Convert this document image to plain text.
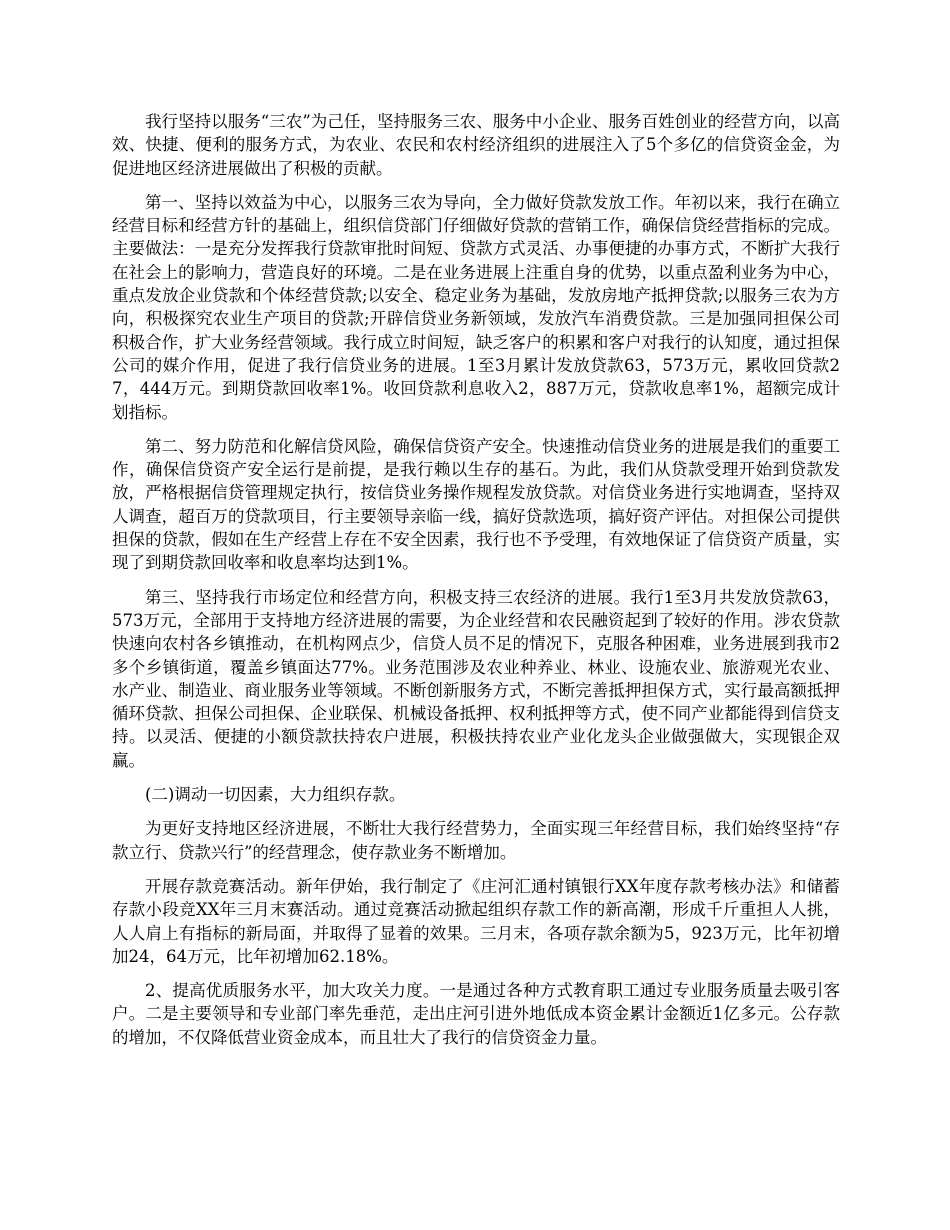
我行坚持以服务“三农”为己任，坚持服务三农、服务中小企业、服务百姓创业的经营方向，以高效、快捷、便利的服务方式，为农业、农民和农村经济组织的进展注入了5个多亿的信贷资金金，为促进地区经济进展做出了积极的贡献。

第一、坚持以效益为中心，以服务三农为导向，全力做好贷款发放工作。年初以来，我行在确立经营目标和经营方针的基础上，组织信贷部门仔细做好贷款的营销工作，确保信贷经营指标的完成。主要做法：一是充分发挥我行贷款审批时间短、贷款方式灵活、办事便捷的办事方式，不断扩大我行在社会上的影响力，营造良好的环境。二是在业务进展上注重自身的优势，以重点盈利业务为中心，重点发放企业贷款和个体经营贷款;以安全、稳定业务为基础，发放房地产抵押贷款;以服务三农为方向，积极探究农业生产项目的贷款;开辟信贷业务新领域，发放汽车消费贷款。三是加强同担保公司积极合作，扩大业务经营领域。我行成立时间短，缺乏客户的积累和客户对我行的认知度，通过担保公司的媒介作用，促进了我行信贷业务的进展。1至3月累计发放贷款63，573万元，累收回贷款27，444万元。到期贷款回收率1%。收回贷款利息收入2，887万元，贷款收息率1%，超额完成计划指标。

第二、努力防范和化解信贷风险，确保信贷资产安全。快速推动信贷业务的进展是我们的重要工作，确保信贷资产安全运行是前提，是我行赖以生存的基石。为此，我们从贷款受理开始到贷款发放，严格根据信贷管理规定执行，按信贷业务操作规程发放贷款。对信贷业务进行实地调查，坚持双人调查，超百万的贷款项目，行主要领导亲临一线，搞好贷款选项，搞好资产评估。对担保公司提供担保的贷款，假如在生产经营上存在不安全因素，我行也不予受理，有效地保证了信贷资产质量，实现了到期贷款回收率和收息率均达到1%。

第三、坚持我行市场定位和经营方向，积极支持三农经济的进展。我行1至3月共发放贷款63，573万元，全部用于支持地方经济进展的需要，为企业经营和农民融资起到了较好的作用。涉农贷款快速向农村各乡镇推动，在机构网点少，信贷人员不足的情况下，克服各种困难，业务进展到我市2多个乡镇街道，覆盖乡镇面达77%。业务范围涉及农业种养业、林业、设施农业、旅游观光农业、水产业、制造业、商业服务业等领域。不断创新服务方式，不断完善抵押担保方式，实行最高额抵押循环贷款、担保公司担保、企业联保、机械设备抵押、权利抵押等方式，使不同产业都能得到信贷支持。以灵活、便捷的小额贷款扶持农户进展，积极扶持农业产业化龙头企业做强做大，实现银企双赢。

(二)调动一切因素，大力组织存款。

为更好支持地区经济进展，不断壮大我行经营势力，全面实现三年经营目标，我们始终坚持“存款立行、贷款兴行”的经营理念，使存款业务不断增加。

开展存款竞赛活动。新年伊始，我行制定了《庄河汇通村镇银行XX年度存款考核办法》和储蓄存款小段竞XX年三月末赛活动。通过竞赛活动掀起组织存款工作的新高潮，形成千斤重担人人挑，人人肩上有指标的新局面，并取得了显着的效果。三月末，各项存款余额为5，923万元，比年初增加24，64万元，比年初增加62.18%。

2、提高优质服务水平，加大攻关力度。一是通过各种方式教育职工通过专业服务质量去吸引客户。二是主要领导和专业部门率先垂范，走出庄河引进外地低成本资金累计金额近1亿多元。公存款的增加，不仅降低营业资金成本，而且壮大了我行的信贷资金力量。
